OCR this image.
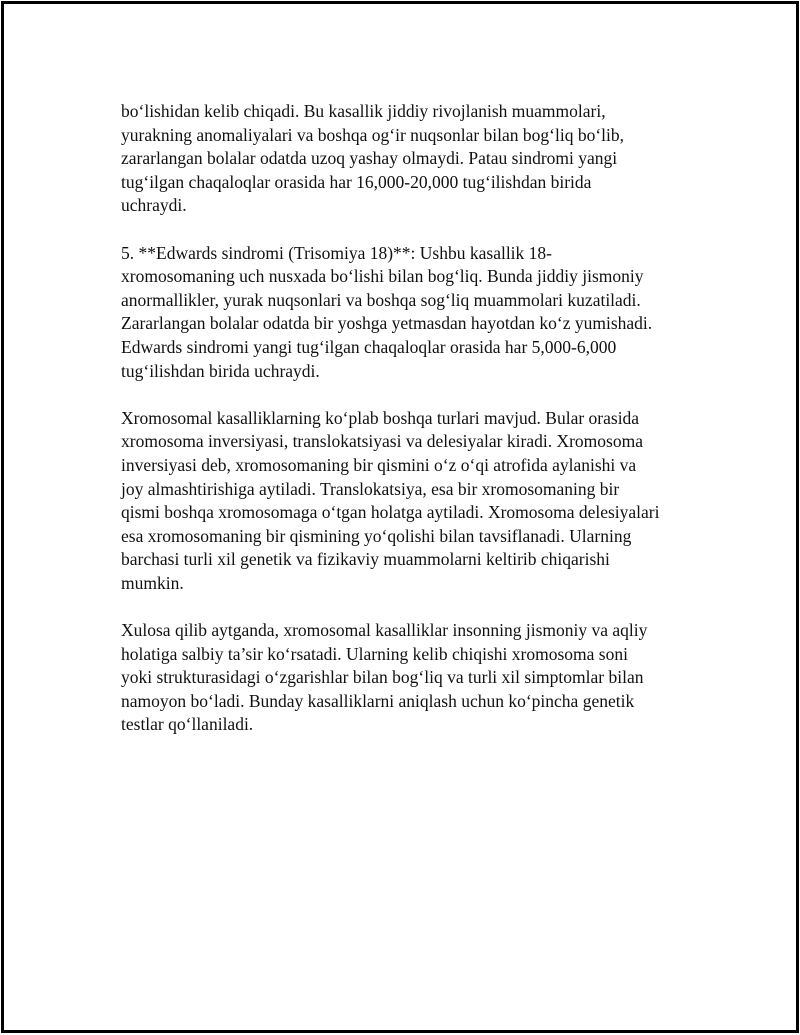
bo‘lishidan kelib chiqadi. Bu kasallik jiddiy rivojlanish muammolari,
yurakning anomaliyalari va boshqa og‘ir nuqsonlar bilan bog‘liq bo‘lib,
zararlangan bolalar odatda uzoq yashay olmaydi. Patau sindromi yangi
tug‘ilgan chaqaloqlar orasida har 16,000-20,000 tug‘ilishdan birida
uchraydi.

5. **Edwards sindromi (Trisomiya 18)**: Ushbu kasallik 18-
xromosomaning uch nusxada bo‘lishi bilan bog‘liq. Bunda jiddiy jismoniy
anormallikler, yurak nuqsonlari va boshqa sog‘liq muammolari kuzatiladi.
Zararlangan bolalar odatda bir yoshga yetmasdan hayotdan ko‘z yumishadi.
Edwards sindromi yangi tug‘ilgan chaqaloqlar orasida har 5,000-6,000
tug‘ilishdan birida uchraydi.

Xromosomal kasalliklarning ko‘plab boshqa turlari mavjud. Bular orasida
xromosoma inversiyasi, translokatsiyasi va delesiyalar kiradi. Xromosoma
inversiyasi deb, xromosomaning bir qismini o‘z o‘qi atrofida aylanishi va
joy almashtirishiga aytiladi. Translokatsiya, esa bir xromosomaning bir
qismi boshqa xromosomaga o‘tgan holatga aytiladi. Xromosoma delesiyalari
esa xromosomaning bir qismining yo‘qolishi bilan tavsiflanadi. Ularning
barchasi turli xil genetik va fizikaviy muammolarni keltirib chiqarishi
mumkin.

Xulosa qilib aytganda, xromosomal kasalliklar insonning jismoniy va aqliy
holatiga salbiy ta’sir ko‘rsatadi. Ularning kelib chiqishi xromosoma soni
yoki strukturasidagi o‘zgarishlar bilan bog‘liq va turli xil simptomlar bilan
namoyon bo‘ladi. Bunday kasalliklarni aniqlash uchun ko‘pincha genetik
testlar qo‘llaniladi.
